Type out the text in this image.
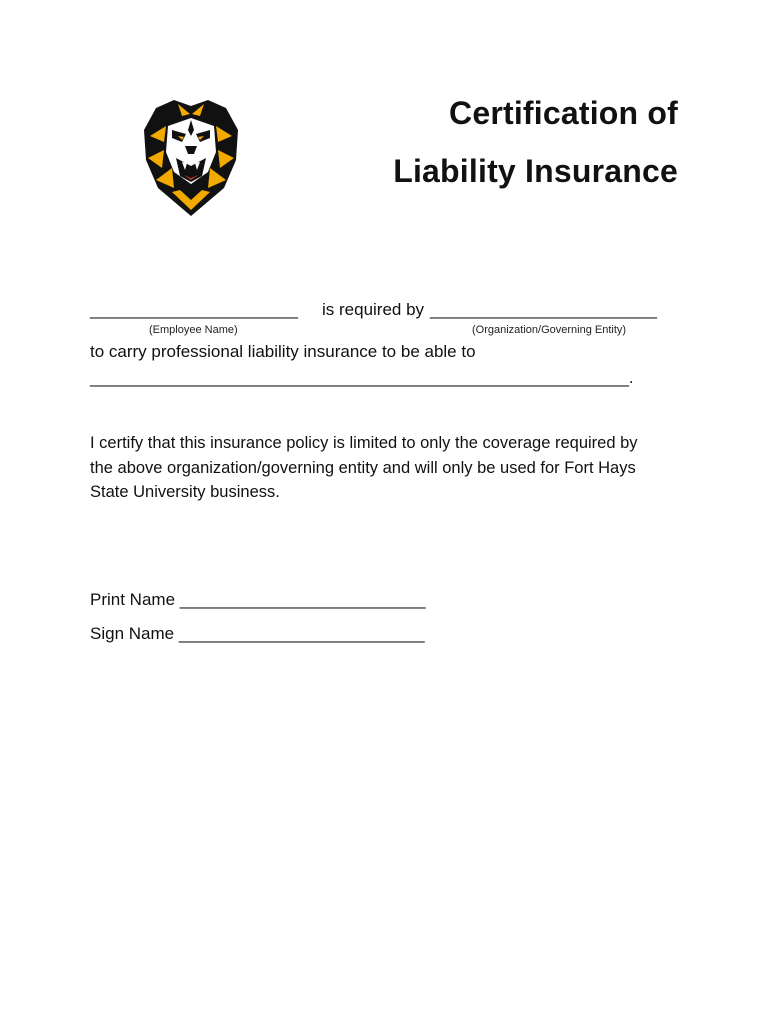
Certification of
Liability Insurance
______________________ is required by ________________________
(Employee Name)	(Organization/Governing Entity)
to carry professional liability insurance to be able to
_________________________________________________________.
I certify that this insurance policy is limited to only the coverage required by
the above organization/governing entity and will only be used for Fort Hays
State University business.
Print Name __________________________
Sign Name __________________________
